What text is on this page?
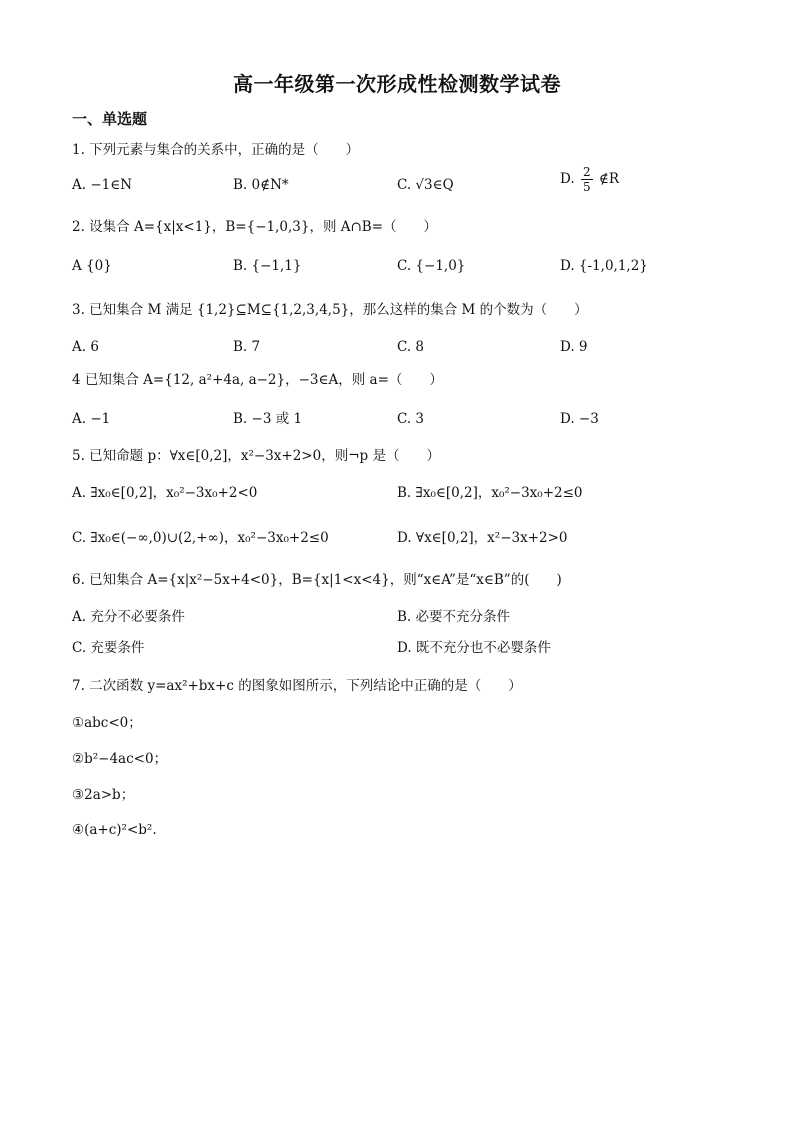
高一年级第一次形成性检测数学试卷
一、单选题
1. 下列元素与集合的关系中，正确的是（　　）
A. −1∈N	B. 0∉N*	C. √3∈Q	D. $\frac{2}{5}$ ∉R
2. 设集合 A={x|x<1}，B={−1,0,3}，则 A∩B=（　　）
A {0}	B. {−1,1}	C. {−1,0}	D. {-1,0,1,2}
3. 已知集合 M 满足 {1,2}⊆M⊆{1,2,3,4,5}，那么这样的集合 M 的个数为（　　）
A. 6	B. 7	C. 8	D. 9
4 已知集合 A={12, a²+4a, a−2}，−3∈A，则 a=（　　）
A. −1	B. −3 或 1	C. 3	D. −3
5. 已知命题 p：∀x∈[0,2]，x²−3x+2>0，则¬p 是（　　）
A. ∃x₀∈[0,2]，x₀²−3x₀+2<0	B. ∃x₀∈[0,2]，x₀²−3x₀+2≤0
C. ∃x₀∈(−∞,0)∪(2,+∞)，x₀²−3x₀+2≤0	D. ∀x∈[0,2]，x²−3x+2>0
6. 已知集合 A={x|x²−5x+4<0}，B={x|1<x<4}，则“x∈A”是“x∈B”的(　　)
A. 充分不必要条件	B. 必要不充分条件
C. 充要条件	D. 既不充分也不必婴条件
7. 二次函数 y=ax²+bx+c 的图象如图所示，下列结论中正确的是（　　）
①abc<0；
②b²−4ac<0；
③2a>b；
④(a+c)²<b².
